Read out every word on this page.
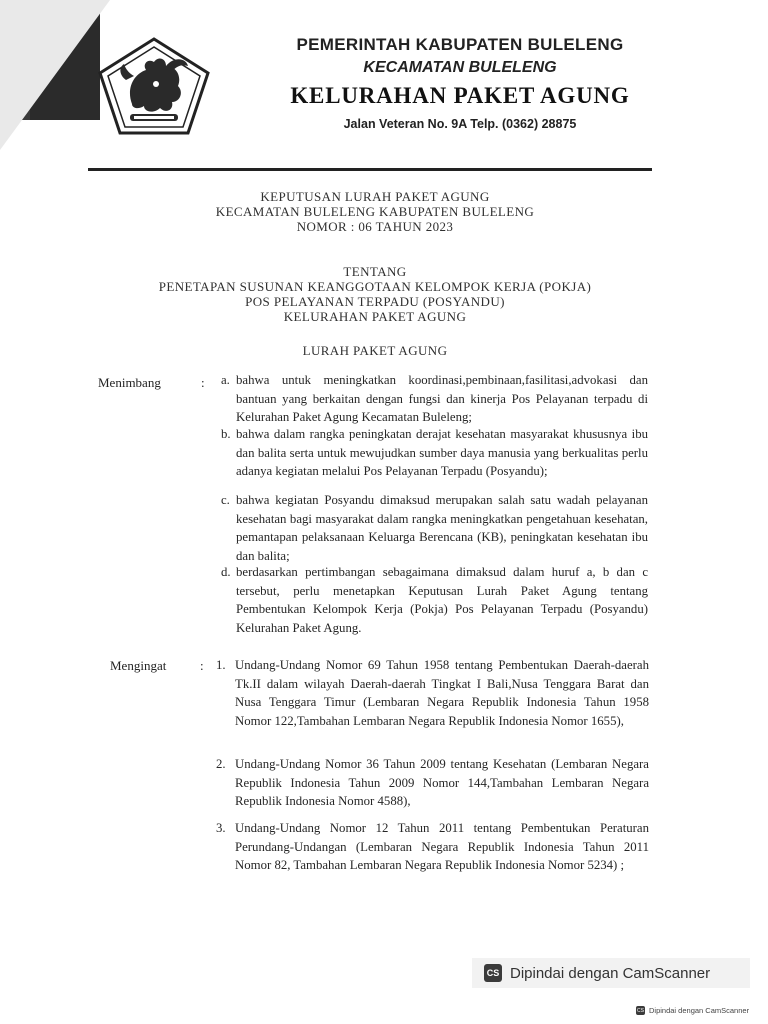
PEMERINTAH KABUPATEN BULELENG
KECAMATAN BULELENG
KELURAHAN PAKET AGUNG
Jalan Veteran No. 9A Telp. (0362) 28875
KEPUTUSAN LURAH PAKET AGUNG
KECAMATAN BULELENG KABUPATEN BULELENG
NOMOR : 06 TAHUN 2023
TENTANG
PENETAPAN SUSUNAN KEANGGOTAAN KELOMPOK KERJA (POKJA)
POS PELAYANAN TERPADU (POSYANDU)
KELURAHAN PAKET AGUNG
LURAH PAKET AGUNG
Menimbang	: a. bahwa untuk meningkatkan koordinasi,pembinaan,fasilitasi,advokasi dan bantuan yang berkaitan dengan fungsi dan kinerja Pos Pelayanan terpadu di Kelurahan Paket Agung Kecamatan Buleleng;
b. bahwa dalam rangka peningkatan derajat kesehatan masyarakat khususnya ibu dan balita serta untuk mewujudkan sumber daya manusia yang berkualitas perlu adanya kegiatan melalui Pos Pelayanan Terpadu (Posyandu);
c. bahwa kegiatan Posyandu dimaksud merupakan salah satu wadah pelayanan kesehatan bagi masyarakat dalam rangka meningkatkan pengetahuan kesehatan, pemantapan pelaksanaan Keluarga Berencana (KB), peningkatan kesehatan ibu dan balita;
d. berdasarkan pertimbangan sebagaimana dimaksud dalam huruf a, b dan c tersebut, perlu menetapkan Keputusan Lurah Paket Agung tentang Pembentukan Kelompok Kerja (Pokja) Pos Pelayanan Terpadu (Posyandu) Kelurahan Paket Agung.
Mengingat	: 1. Undang-Undang Nomor 69 Tahun 1958 tentang Pembentukan Daerah-daerah Tk.II dalam wilayah Daerah-daerah Tingkat I Bali,Nusa Tenggara Barat dan Nusa Tenggara Timur (Lembaran Negara Republik Indonesia Tahun 1958 Nomor 122,Tambahan Lembaran Negara Republik Indonesia Nomor 1655),
2. Undang-Undang Nomor 36 Tahun 2009 tentang Kesehatan (Lembaran Negara Republik Indonesia Tahun 2009 Nomor 144,Tambahan Lembaran Negara Republik Indonesia Nomor 4588),
3. Undang-Undang Nomor 12 Tahun 2011 tentang Pembentukan Peraturan Perundang-Undangan (Lembaran Negara Republik Indonesia Tahun 2011 Nomor 82, Tambahan Lembaran Negara Republik Indonesia Nomor 5234) ;
CS Dipindai dengan CamScanner
CS Dipindai dengan CamScanner
